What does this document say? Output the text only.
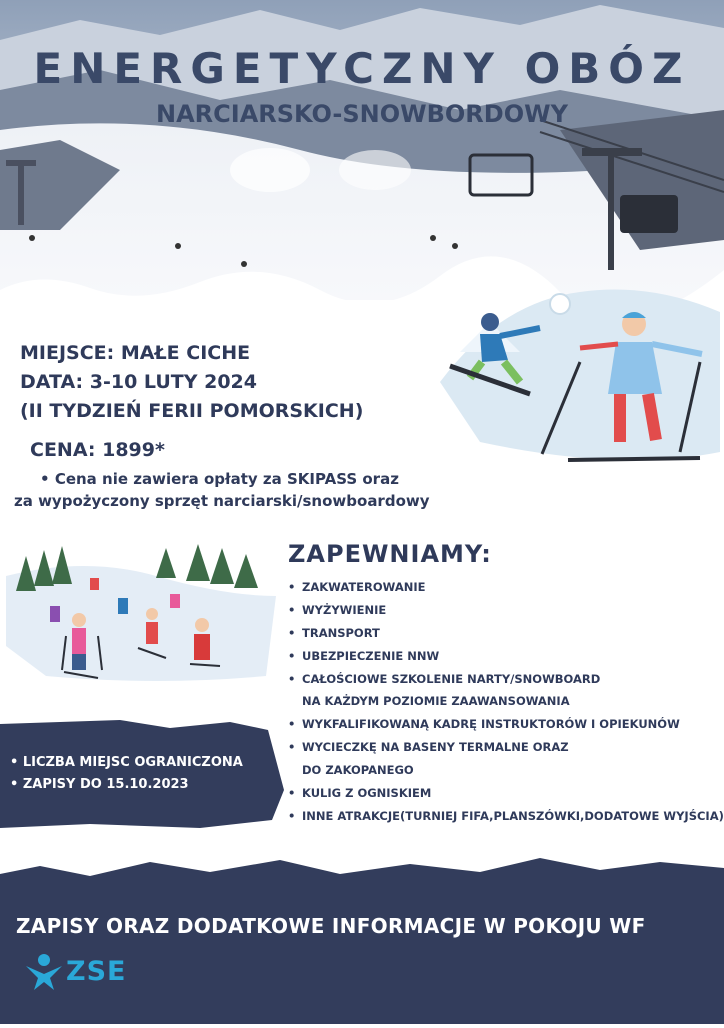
ENERGETYCZNY OBÓZ
NARCIARSKO-SNOWBORDOWY
MIEJSCE: MAŁE CICHE
DATA: 3-10 LUTY 2024
(II TYDZIEŃ FERII POMORSKICH)
CENA: 1899*
• Cena nie zawiera opłaty za SKIPASS oraz
za wypożyczony sprzęt narciarski/snowboardowy
ZAPEWNIAMY:
• ZAKWATEROWANIE
• WYŻYWIENIE
• TRANSPORT
• UBEZPIECZENIE NNW
• CAŁOŚCIOWE SZKOLENIE NARTY/SNOWBOARD
NA KAŻDYM POZIOMIE ZAAWANSOWANIA
• WYKFALIFIKOWANĄ KADRĘ INSTRUKTORÓW I OPIEKUNÓW
• WYCIECZKĘ NA BASENY TERMALNE ORAZ
DO ZAKOPANEGO
• KULIG Z OGNISKIEM
• INNE ATRAKCJE(TURNIEJ FIFA,PLANSZÓWKI,DODATOWE WYJŚCIA)
• LICZBA MIEJSC OGRANICZONA
• ZAPISY DO 15.10.2023
ZAPISY ORAZ DODATKOWE INFORMACJE W POKOJU WF
ZSE
